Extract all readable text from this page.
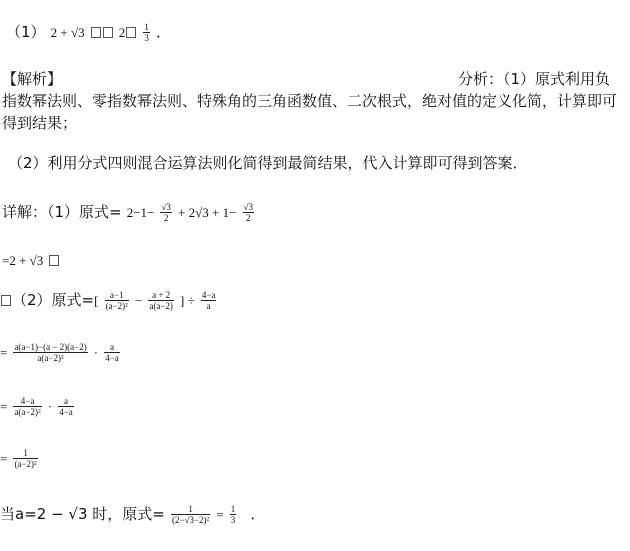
（1） 2 + √3	$2 \frac{1}{3}$ ．
【解析】	分析：（1）原式利用负指数幂法则、零指数幂法则、特殊角的三角函数值、二次根式，绝对值的定义化简，计算即可得到结果；
（2）利用分式四则混合运算法则化简得到最简结果，代入计算即可得到答案．
详解：（1）原式= $2-1- \frac{√3}{2} + 2√3 + 1- \frac{√3}{2}$
=2 + √3
（2）原式=[ $\frac{a-1}{\text{(a−2)²}} - \frac{a + 2}{a(a-2)}$ ] ÷ $\frac{4-a}{a}$
= $\frac{a(a-1)-(a - 2)(a-2)}{\text{a(a−2)²}} \cdot \frac{a}{4-a}$
= $\frac{4-a}{\text{a(a−2)²}} \cdot \frac{a}{4-a}$
= $\frac{1}{\text{(a−2)²}}$
当a=2 − √3 时，原式= $\frac{1}{\text{(2−√3−2)²}} = \frac{1}{3}$ ．
